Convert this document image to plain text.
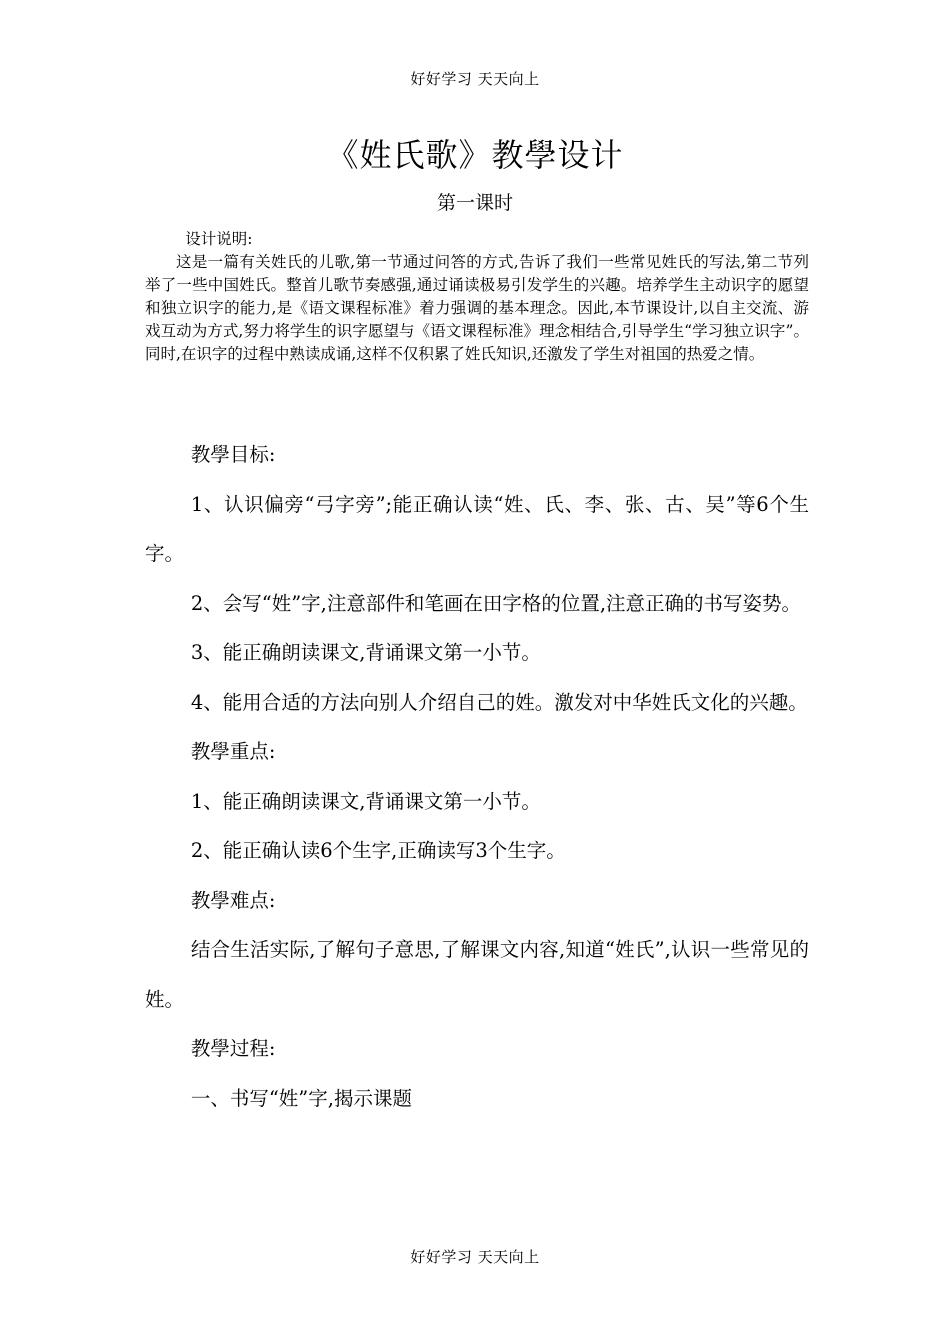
好好学习 天天向上
《姓氏歌》教學设计
第一课时

设计说明:

这是一篇有关姓氏的儿歌,第一节通过问答的方式,告诉了我们一些常见姓氏的写法,第二节列举了一些中国姓氏。整首儿歌节奏感强,通过诵读极易引发学生的兴趣。培养学生主动识字的愿望和独立识字的能力,是《语文课程标准》着力强调的基本理念。因此,本节课设计,以自主交流、游戏互动为方式,努力将学生的识字愿望与《语文课程标准》理念相结合,引导学生“学习独立识字”。同时,在识字的过程中熟读成诵,这样不仅积累了姓氏知识,还激发了学生对祖国的热爱之情。

教學目标:

1、认识偏旁“弓字旁”;能正确认读“姓、氏、李、张、古、吴”等6个生字。

2、会写“姓”字,注意部件和笔画在田字格的位置,注意正确的书写姿势。

3、能正确朗读课文,背诵课文第一小节。

4、能用合适的方法向别人介绍自己的姓。激发对中华姓氏文化的兴趣。

教學重点:

1、能正确朗读课文,背诵课文第一小节。

2、能正确认读6个生字,正确读写3个生字。

教學难点:

结合生活实际,了解句子意思,了解课文内容,知道“姓氏”,认识一些常见的姓。

教學过程:

一、书写“姓”字,揭示课题

好好学习 天天向上
